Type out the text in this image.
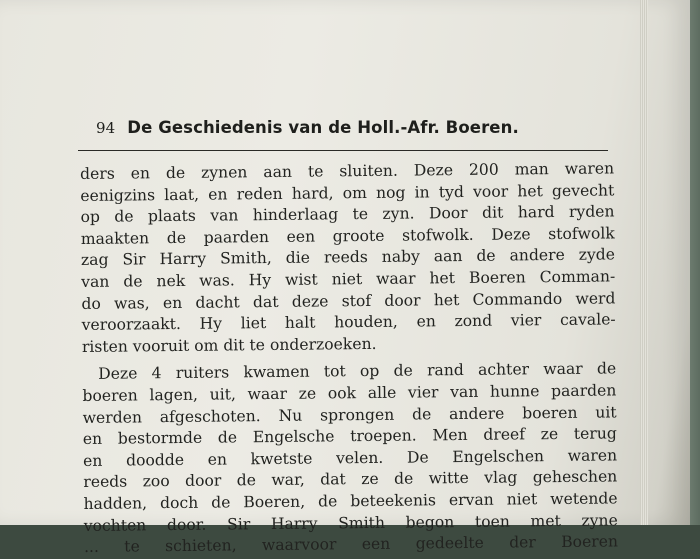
94 De Geschiedenis van de Holl.-Afr. Boeren.
ders en de zynen aan te sluiten. Deze 200 man waren
eenigzins laat, en reden hard, om nog in tyd voor het gevecht
op de plaats van hinderlaag te zyn. Door dit hard ryden
maakten de paarden een groote stofwolk. Deze stofwolk
zag Sir Harry Smith, die reeds naby aan de andere zyde
van de nek was. Hy wist niet waar het Boeren Comman-
do was, en dacht dat deze stof door het Commando werd
veroorzaakt. Hy liet halt houden, en zond vier cavale-
risten vooruit om dit te onderzoeken.
Deze 4 ruiters kwamen tot op de rand achter waar de
boeren lagen, uit, waar ze ook alle vier van hunne paarden
werden afgeschoten. Nu sprongen de andere boeren uit
en bestormde de Engelsche troepen. Men dreef ze terug
en doodde en kwetste velen. De Engelschen waren
reeds zoo door de war, dat ze de witte vlag geheschen
hadden, doch de Boeren, de beteekenis ervan niet wetende
vochten door. Sir Harry Smith begon toen met zyne
... te schieten, waarvoor een gedeelte der Boeren
